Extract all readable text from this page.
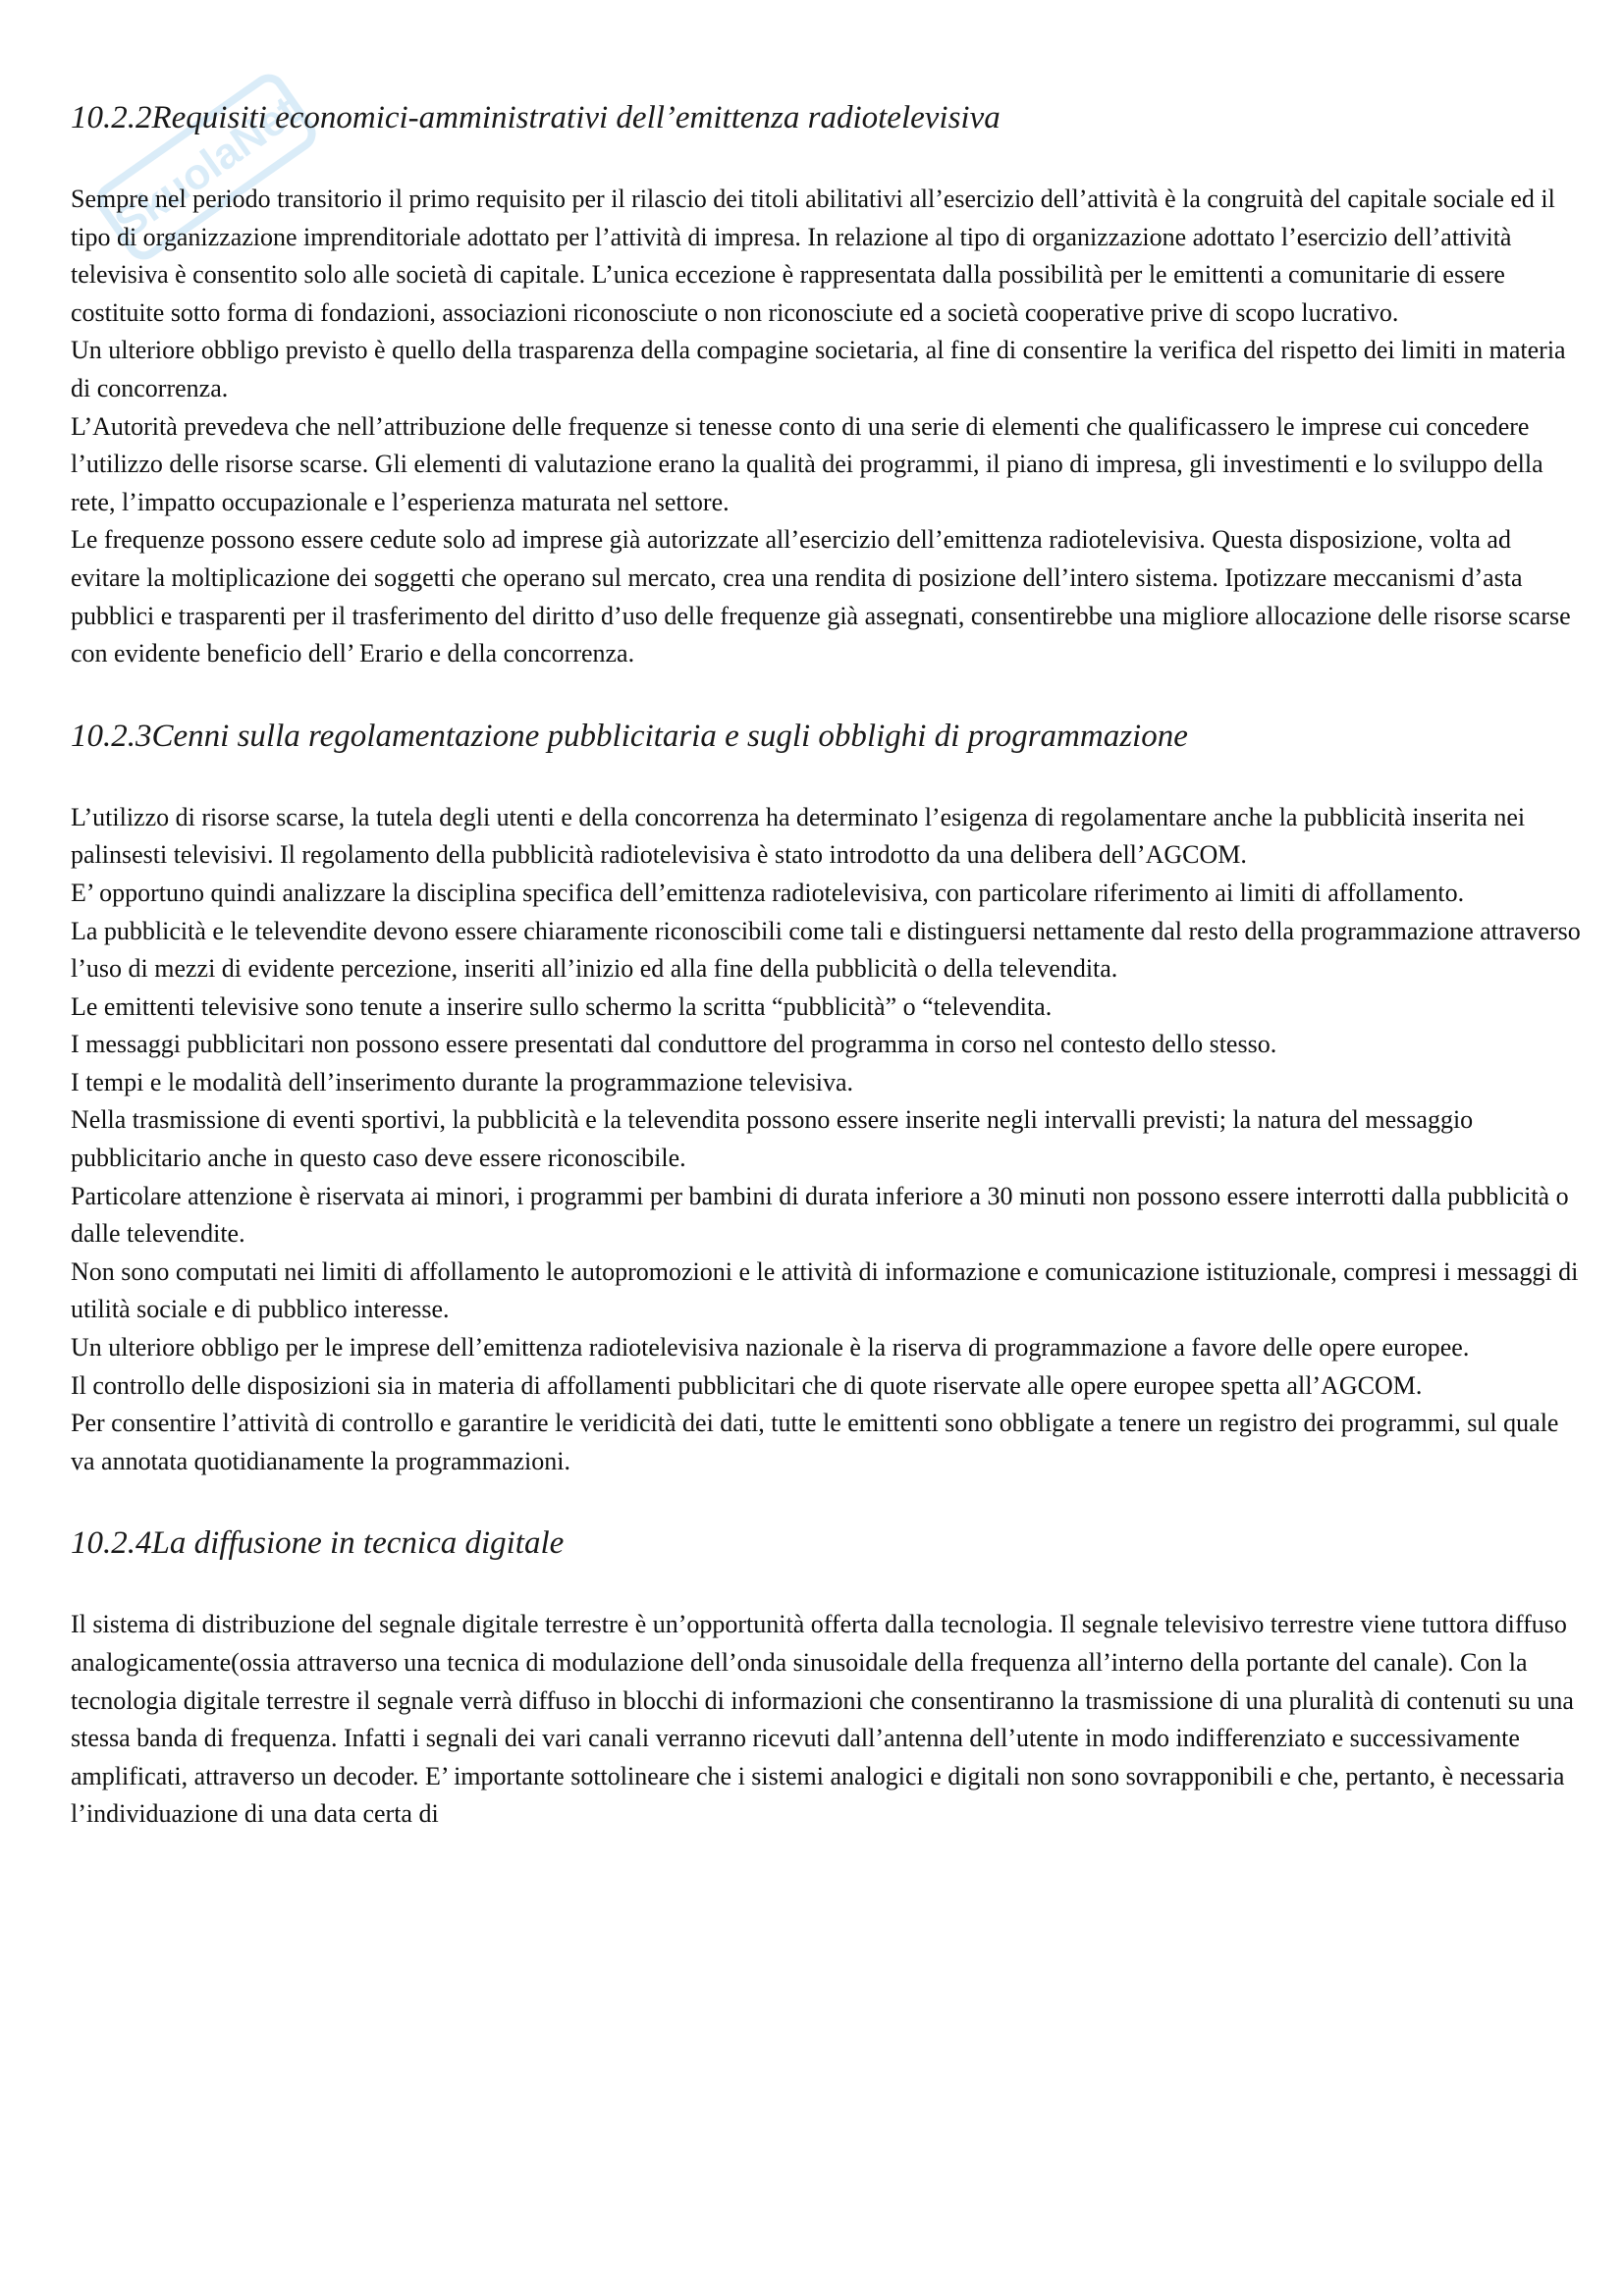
SkuolaNet
10.2.2Requisiti economici-amministrativi dell’emittenza radiotelevisiva

Sempre nel periodo transitorio il primo requisito per il rilascio dei titoli abilitativi all’esercizio dell’attività è la congruità del capitale sociale ed il tipo di organizzazione imprenditoriale adottato per l’attività di impresa. In relazione al tipo di organizzazione adottato l’esercizio dell’attività televisiva è consentito solo alle società di capitale. L’unica eccezione è rappresentata dalla possibilità per le emittenti a comunitarie di essere costituite sotto forma di fondazioni, associazioni riconosciute o non riconosciute ed a società cooperative prive di scopo lucrativo.

Un ulteriore obbligo previsto è quello della trasparenza della compagine societaria, al fine di consentire la verifica del rispetto dei limiti in materia di concorrenza.

L’Autorità prevedeva che nell’attribuzione delle frequenze si tenesse conto di una serie di elementi che qualificassero le imprese cui concedere l’utilizzo delle risorse scarse. Gli elementi di valutazione erano la qualità dei programmi, il piano di impresa, gli investimenti e lo sviluppo della rete, l’impatto occupazionale e l’esperienza maturata nel settore.

Le frequenze possono essere cedute solo ad imprese già autorizzate all’esercizio dell’emittenza radiotelevisiva. Questa disposizione, volta ad evitare la moltiplicazione dei soggetti che operano sul mercato, crea una rendita di posizione dell’intero sistema. Ipotizzare meccanismi d’asta pubblici e trasparenti per il trasferimento del diritto d’uso delle frequenze già assegnati, consentirebbe una migliore allocazione delle risorse scarse con evidente beneficio dell’ Erario e della concorrenza.

10.2.3Cenni sulla regolamentazione pubblicitaria e sugli obblighi di programmazione

L’utilizzo di risorse scarse, la tutela degli utenti e della concorrenza ha determinato l’esigenza di regolamentare anche la pubblicità inserita nei palinsesti televisivi. Il regolamento della pubblicità radiotelevisiva è stato introdotto da una delibera dell’AGCOM.

E’ opportuno quindi analizzare la disciplina specifica dell’emittenza radiotelevisiva, con particolare riferimento ai limiti di affollamento.

La pubblicità e le televendite devono essere chiaramente riconoscibili come tali e distinguersi nettamente dal resto della programmazione attraverso l’uso di mezzi di evidente percezione, inseriti all’inizio ed alla fine della pubblicità o della televendita.

Le emittenti televisive sono tenute a inserire sullo schermo la scritta “pubblicità” o “televendita.

I messaggi pubblicitari non possono essere presentati dal conduttore del programma in corso nel contesto dello stesso.

I tempi e le modalità dell’inserimento durante la programmazione televisiva.

Nella trasmissione di eventi sportivi, la pubblicità e la televendita possono essere inserite negli intervalli previsti; la natura del messaggio pubblicitario anche in questo caso deve essere riconoscibile.

Particolare attenzione è riservata ai minori, i programmi per bambini di durata inferiore a 30 minuti non possono essere interrotti dalla pubblicità o dalle televendite.

Non sono computati nei limiti di affollamento le autopromozioni e le attività di informazione e comunicazione istituzionale, compresi i messaggi di utilità sociale e di pubblico interesse.

Un ulteriore obbligo per le imprese dell’emittenza radiotelevisiva nazionale è la riserva di programmazione a favore delle opere europee.

Il controllo delle disposizioni sia in materia di affollamenti pubblicitari che di quote riservate alle opere europee spetta all’AGCOM.

Per consentire l’attività di controllo e garantire le veridicità dei dati, tutte le emittenti sono obbligate a tenere un registro dei programmi, sul quale va annotata quotidianamente la programmazioni.

10.2.4La diffusione in tecnica digitale

Il sistema di distribuzione del segnale digitale terrestre è un’opportunità offerta dalla tecnologia. Il segnale televisivo terrestre viene tuttora diffuso analogicamente(ossia attraverso una tecnica di modulazione dell’onda sinusoidale della frequenza all’interno della portante del canale). Con la tecnologia digitale terrestre il segnale verrà diffuso in blocchi di informazioni che consentiranno la trasmissione di una pluralità di contenuti su una stessa banda di frequenza. Infatti i segnali dei vari canali verranno ricevuti dall’antenna dell’utente in modo indifferenziato e successivamente amplificati, attraverso un decoder. E’ importante sottolineare che i sistemi analogici e digitali non sono sovrapponibili e che, pertanto, è necessaria l’individuazione di una data certa di
